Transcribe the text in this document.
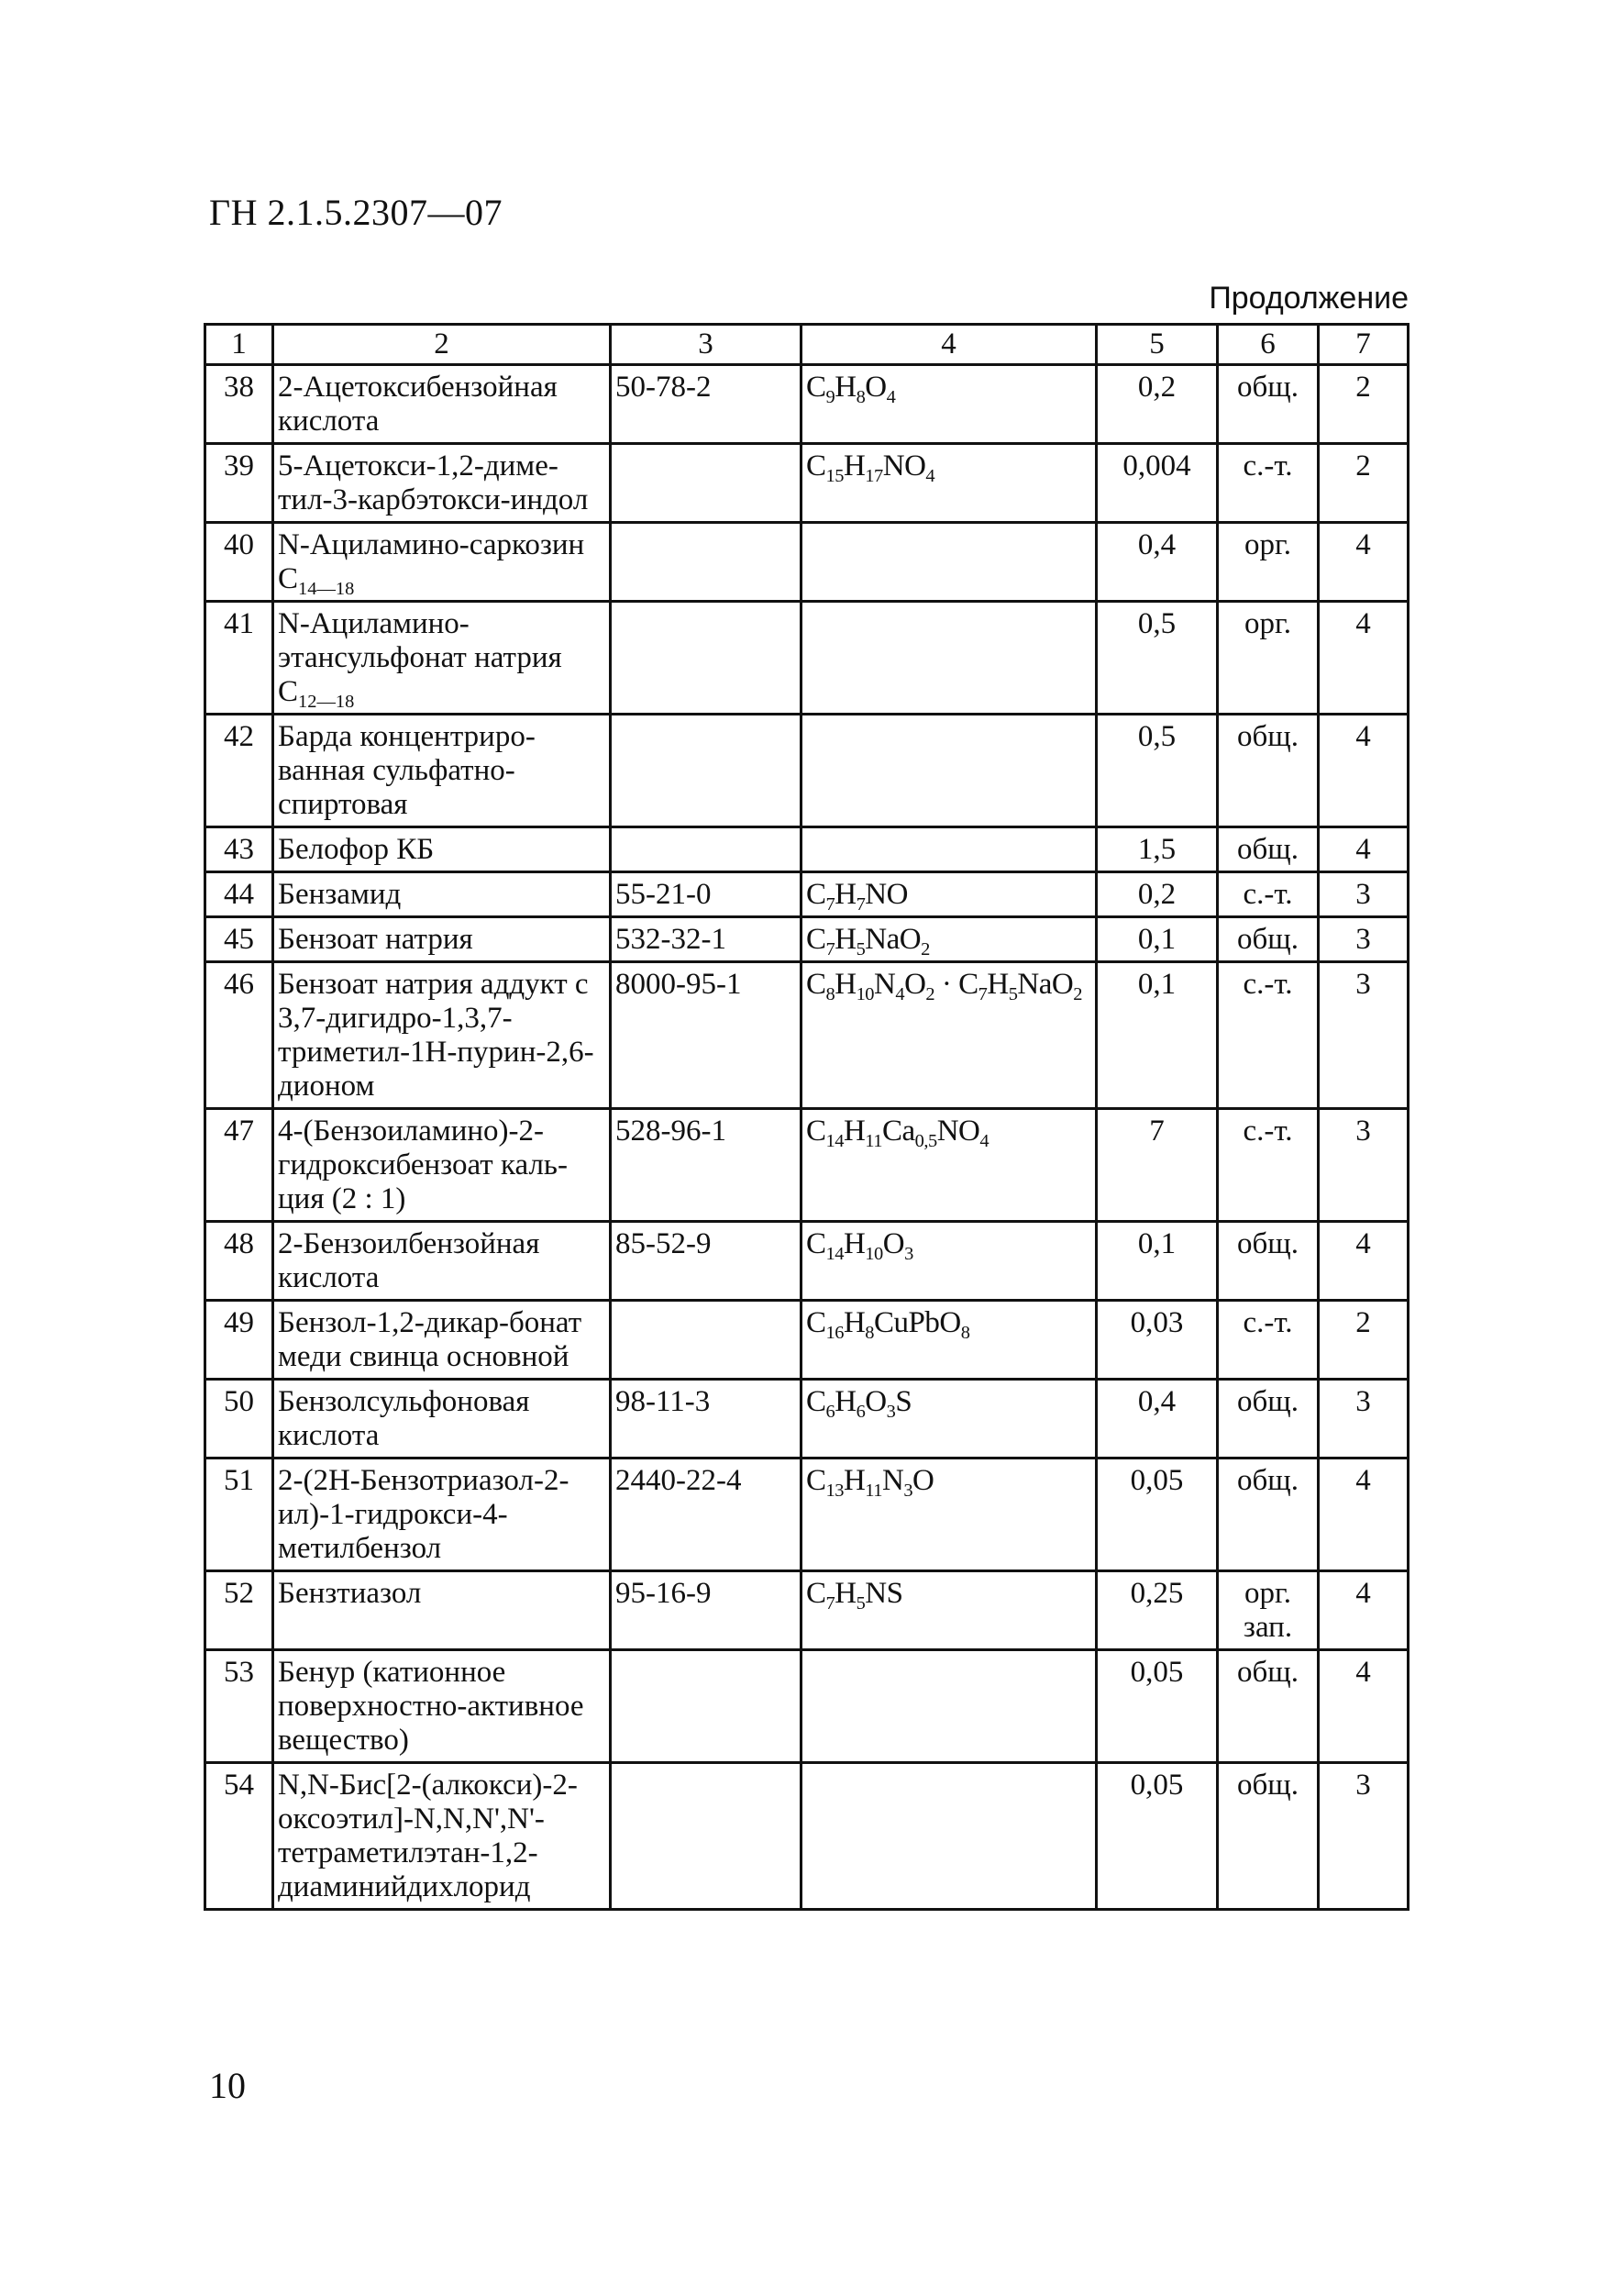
ГН 2.1.5.2307—07
Продолжение
1	2	3	4	5	6	7
38	2-Ацетоксибензойная кислота	50-78-2	$C_9H_8O_4$	0,2	общ.	2
39	5-Ацетокси-1,2-диме-тил-3-карбэтокси-индол		$C_{15}H_{17}NO_4$	0,004	с.-т.	2
40	N-Ациламино-саркозин $C_{14—18}$			0,4	орг.	4
41	N-Ациламино-этансульфонат натрия $C_{12—18}$			0,5	орг.	4
42	Барда концентриро-ванная сульфатно-спиртовая			0,5	общ.	4
43	Белофор КБ			1,5	общ.	4
44	Бензамид	55-21-0	$C_7H_7NO$	0,2	с.-т.	3
45	Бензоат натрия	532-32-1	$C_7H_5NaO_2$	0,1	общ.	3
46	Бензоат натрия аддукт с 3,7-дигидро-1,3,7-триметил-1Н-пурин-2,6-дионом	8000-95-1	$C_8H_{10}N_4O_2 \cdot C_7H_5NaO_2$	0,1	с.-т.	3
47	4-(Бензоиламино)-2-гидроксибензоат каль-ция (2 : 1)	528-96-1	$C_{14}H_{11}Ca_{0,5}NO_4$	7	с.-т.	3
48	2-Бензоилбензойная кислота	85-52-9	$C_{14}H_{10}O_3$	0,1	общ.	4
49	Бензол-1,2-дикар-бонат меди свинца основной		$C_{16}H_8CuPbO_8$	0,03	с.-т.	2
50	Бензолсульфоновая кислота	98-11-3	$C_6H_6O_3S$	0,4	общ.	3
51	2-(2Н-Бензотриазол-2-ил)-1-гидрокси-4-метилбензол	2440-22-4	$C_{13}H_{11}N_3O$	0,05	общ.	4
52	Бензтиазол	95-16-9	$C_7H_5NS$	0,25	орг. зап.	4
53	Бенур (катионное поверхностно-активное вещество)			0,05	общ.	4
54	N,N-Бис[2-(алкокси)-2-оксоэтил]-N,N,N',N'-тетраметилэтан-1,2-диаминийдихлорид			0,05	общ.	3
10
